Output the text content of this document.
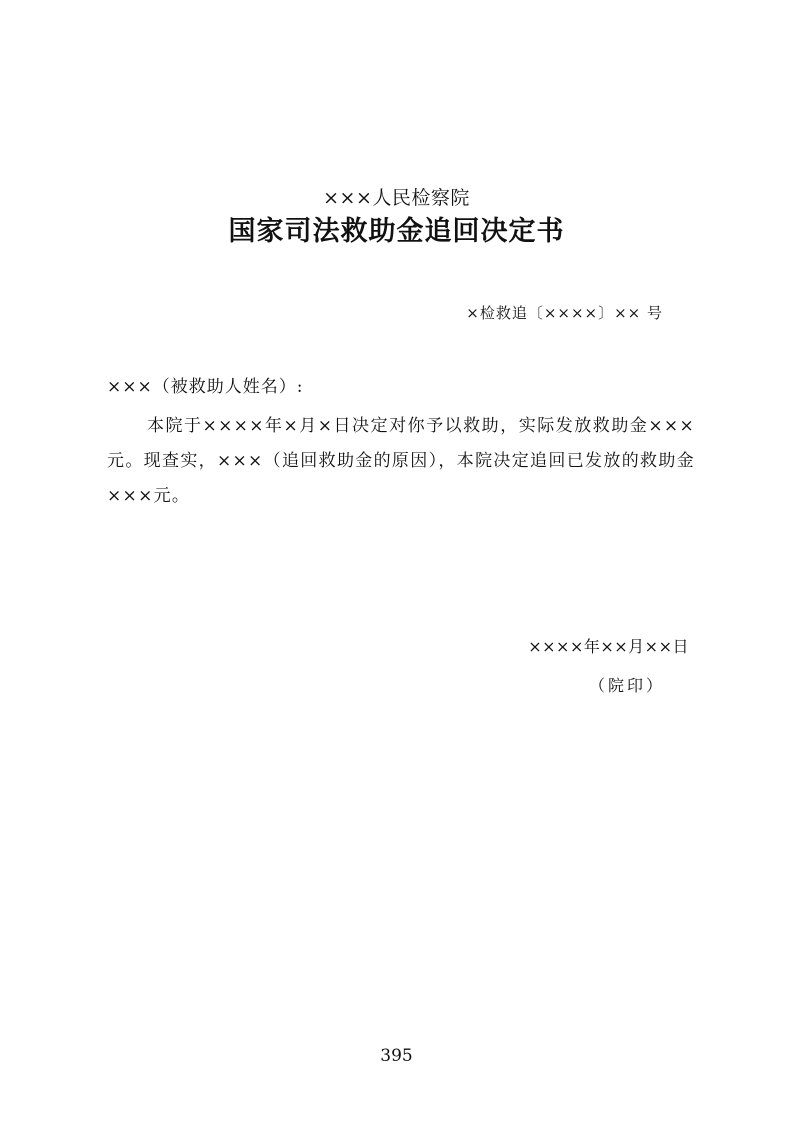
×××人民检察院
国家司法救助金追回决定书
×检救追〔××××〕×× 号
×××（被救助人姓名）:

本院于××××年×月×日决定对你予以救助，实际发放救助金×××元。现查实，×××（追回救助金的原因），本院决定追回已发放的救助金×××元。

××××年××月××日
（院印）
395
